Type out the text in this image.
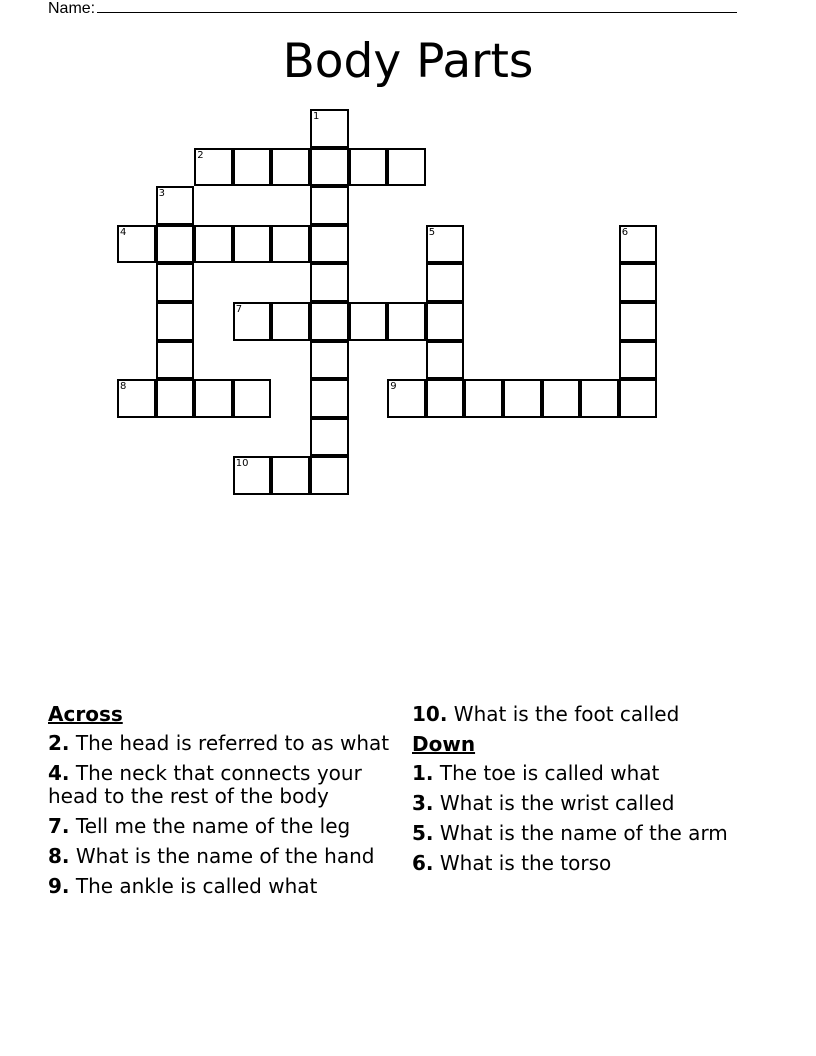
Name:
Body Parts
1
2
3
4	5	6
7
8	9
10
Across
2. The head is referred to as what
4. The neck that connects your head to the rest of the body
7. Tell me the name of the leg
8. What is the name of the hand
9. The ankle is called what
10. What is the foot called
Down
1. The toe is called what
3. What is the wrist called
5. What is the name of the arm
6. What is the torso
